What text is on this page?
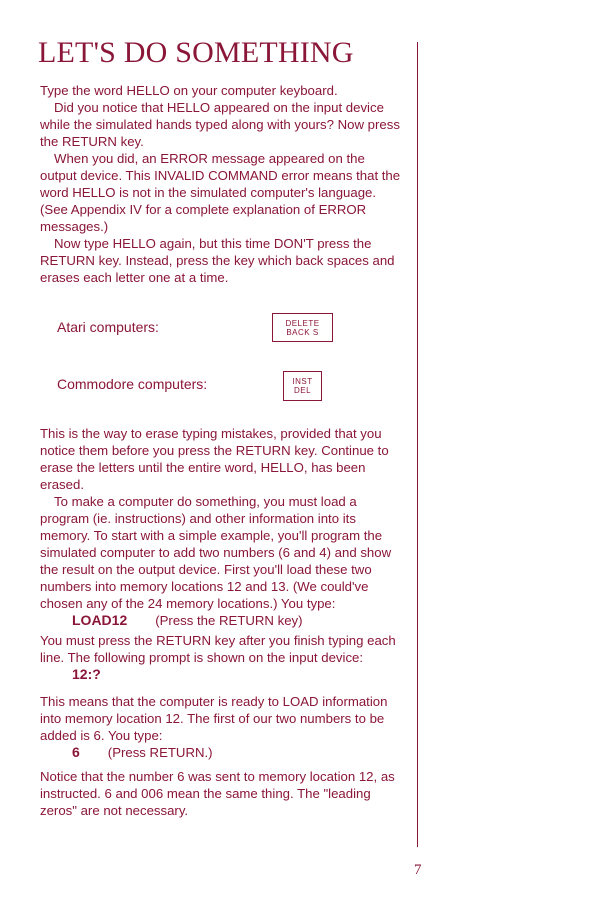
LET'S DO SOMETHING

Type the word HELLO on your computer keyboard.

Did you notice that HELLO appeared on the input device while the simulated hands typed along with yours? Now press the RETURN key.

When you did, an ERROR message appeared on the output device. This INVALID COMMAND error means that the word HELLO is not in the simulated computer's language. (See Appendix IV for a complete explanation of ERROR messages.)

Now type HELLO again, but this time DON'T press the RETURN key. Instead, press the key which back spaces and erases each letter one at a time.

Atari computers:	DELETE
BACK S
Commodore computers:	INST
DEL

This is the way to erase typing mistakes, provided that you notice them before you press the RETURN key. Continue to erase the letters until the entire word, HELLO, has been erased.

To make a computer do something, you must load a program (ie. instructions) and other information into its memory. To start with a simple example, you'll program the simulated computer to add two numbers (6 and 4) and show the result on the output device. First you'll load these two numbers into memory locations 12 and 13. (We could've chosen any of the 24 memory locations.) You type:

LOAD12 (Press the RETURN key)

You must press the RETURN key after you finish typing each line. The following prompt is shown on the input device:

12:?

This means that the computer is ready to LOAD information into memory location 12. The first of our two numbers to be added is 6. You type:

6 (Press RETURN.)

Notice that the number 6 was sent to memory location 12, as instructed. 6 and 006 mean the same thing. The "leading zeros" are not necessary.

7
